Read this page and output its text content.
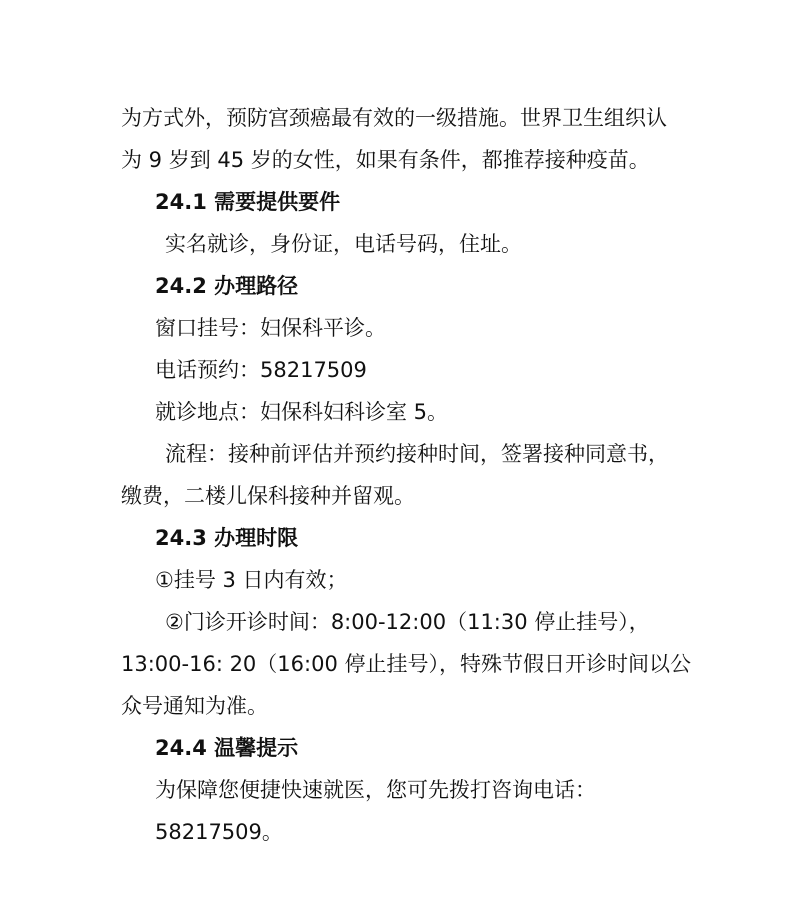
为方式外，预防宫颈癌最有效的一级措施。世界卫生组织认
为 9 岁到 45 岁的女性，如果有条件，都推荐接种疫苗。
24.1 需要提供要件
实名就诊，身份证，电话号码，住址。
24.2 办理路径
窗口挂号：妇保科平诊。
电话预约：58217509
就诊地点：妇保科妇科诊室 5。
流程：接种前评估并预约接种时间，签署接种同意书，
缴费，二楼儿保科接种并留观。
24.3 办理时限
①挂号 3 日内有效；
②门诊开诊时间：8:00-12:00（11:30 停止挂号），
13:00-16: 20（16:00 停止挂号），特殊节假日开诊时间以公
众号通知为准。
24.4 温馨提示
为保障您便捷快速就医，您可先拨打咨询电话：
58217509。
